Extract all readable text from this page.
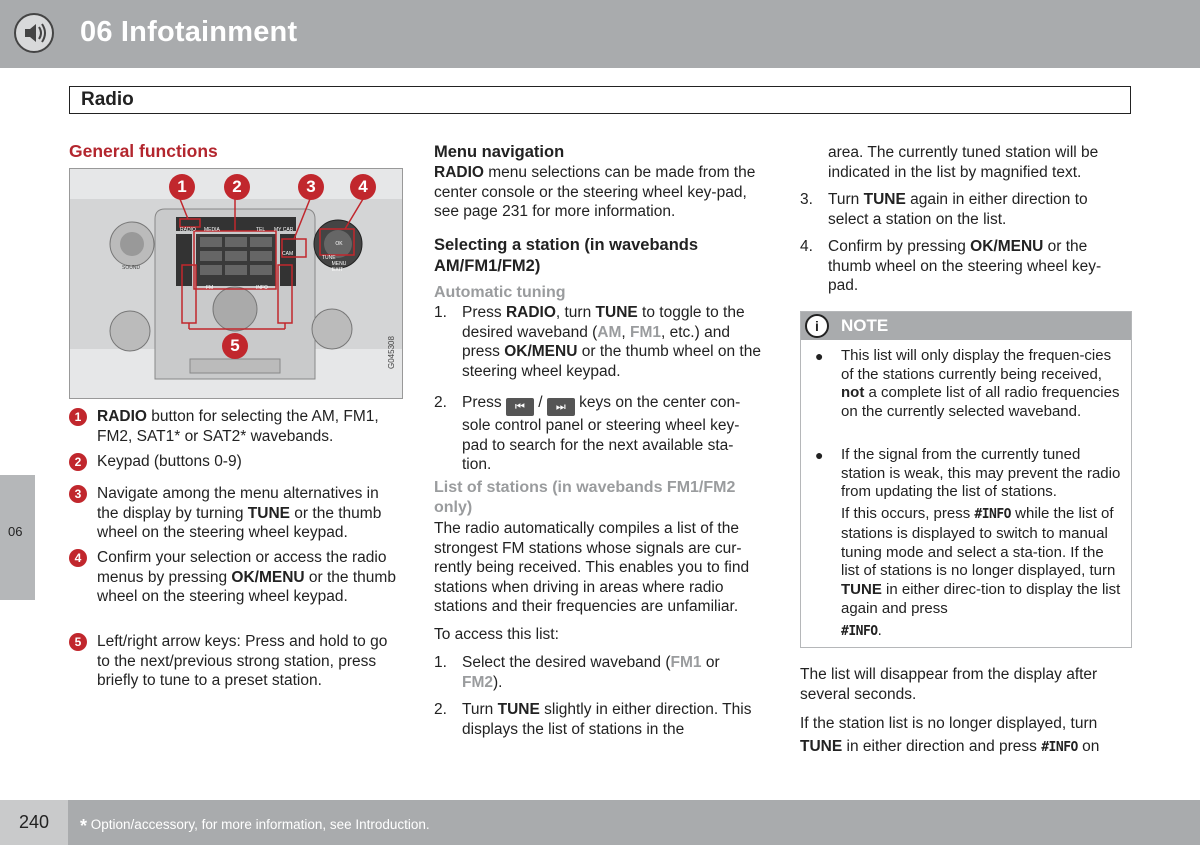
06 Infotainment
06
Radio
General functions
1	2	3	4
5
RADIO MEDIA	TEL MY CAR
CAM
OK MENU
TUNE
EXIT
SOUND
FM	INFO
G045308
1	RADIO button for selecting the AM, FM1, FM2, SAT1* or SAT2* wavebands.
2	Keypad (buttons 0-9)
3	Navigate among the menu alternatives in the display by turning TUNE or the thumb wheel on the steering wheel keypad.
4	Confirm your selection or access the radio menus by pressing OK/MENU or the thumb wheel on the steering wheel keypad.
5	Left/right arrow keys: Press and hold to go to the next/previous strong station, press briefly to tune to a preset station.
Menu navigation
RADIO menu selections can be made from the center console or the steering wheel key-pad, see page 231 for more information.
Selecting a station (in wavebands AM/FM1/FM2)
Automatic tuning
1. Press RADIO, turn TUNE to toggle to the desired waveband (AM, FM1, etc.) and press OK/MENU or the thumb wheel on the steering wheel keypad.
2. Press ⏮ / ⏭ keys on the center con-sole control panel or steering wheel key-pad to search for the next available sta-tion.
List of stations (in wavebands FM1/FM2 only)
The radio automatically compiles a list of the strongest FM stations whose signals are cur-rently being received. This enables you to find stations when driving in areas where radio stations and their frequencies are unfamiliar.
To access this list:
1. Select the desired waveband (FM1 or FM2).
2. Turn TUNE slightly in either direction. This displays the list of stations in the
area. The currently tuned station will be indicated in the list by magnified text.
3. Turn TUNE again in either direction to select a station on the list.
4. Confirm by pressing OK/MENU or the thumb wheel on the steering wheel key-pad.
i	NOTE
● This list will only display the frequen-cies of the stations currently being received, not a complete list of all radio frequencies on the currently selected waveband.
● If the signal from the currently tuned station is weak, this may prevent the radio from updating the list of stations.
If this occurs, press #INFO while the list of stations is displayed to switch to manual tuning mode and select a sta-tion. If the list of stations is no longer displayed, turn TUNE in either direc-tion to display the list again and press
#INFO.
The list will disappear from the display after several seconds.
If the station list is no longer displayed, turn
TUNE in either direction and press #INFO on
240	* Option/accessory, for more information, see Introduction.
